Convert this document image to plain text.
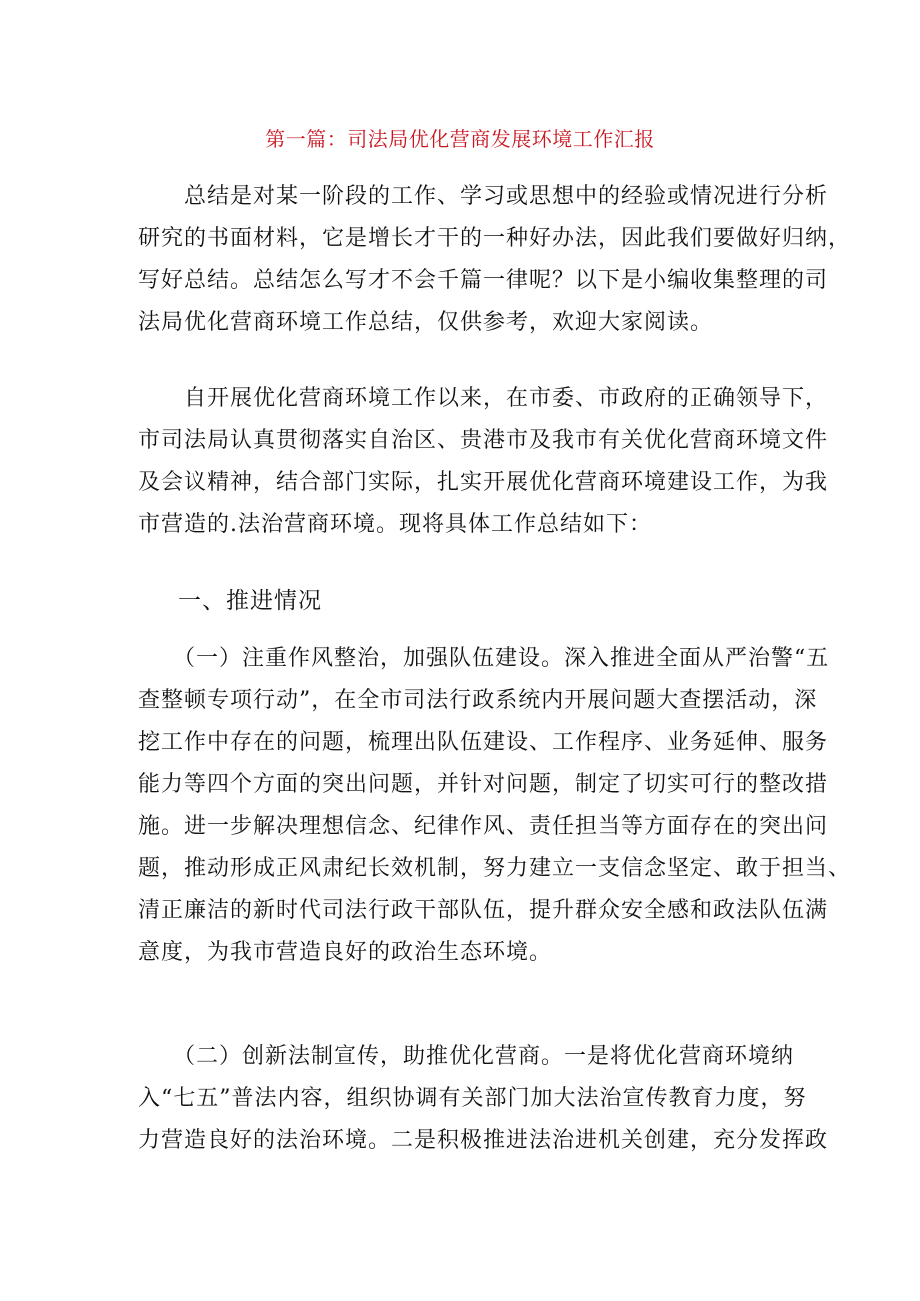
第一篇：司法局优化营商发展环境工作汇报
　　总结是对某一阶段的工作、学习或思想中的经验或情况进行分析
研究的书面材料，它是增长才干的一种好办法，因此我们要做好归纳，
写好总结。总结怎么写才不会千篇一律呢？以下是小编收集整理的司
法局优化营商环境工作总结，仅供参考，欢迎大家阅读。
　　自开展优化营商环境工作以来，在市委、市政府的正确领导下，
市司法局认真贯彻落实自治区、贵港市及我市有关优化营商环境文件
及会议精神，结合部门实际，扎实开展优化营商环境建设工作，为我
市营造的.法治营商环境。现将具体工作总结如下：
一、推进情况
　　（一）注重作风整治，加强队伍建设。深入推进全面从严治警“五
查整顿专项行动”，在全市司法行政系统内开展问题大查摆活动，深
挖工作中存在的问题，梳理出队伍建设、工作程序、业务延伸、服务
能力等四个方面的突出问题，并针对问题，制定了切实可行的整改措
施。进一步解决理想信念、纪律作风、责任担当等方面存在的突出问
题，推动形成正风肃纪长效机制，努力建立一支信念坚定、敢于担当、
清正廉洁的新时代司法行政干部队伍，提升群众安全感和政法队伍满
意度，为我市营造良好的政治生态环境。
　　（二）创新法制宣传，助推优化营商。一是将优化营商环境纳
入“七五”普法内容，组织协调有关部门加大法治宣传教育力度，努
力营造良好的法治环境。二是积极推进法治进机关创建，充分发挥政
